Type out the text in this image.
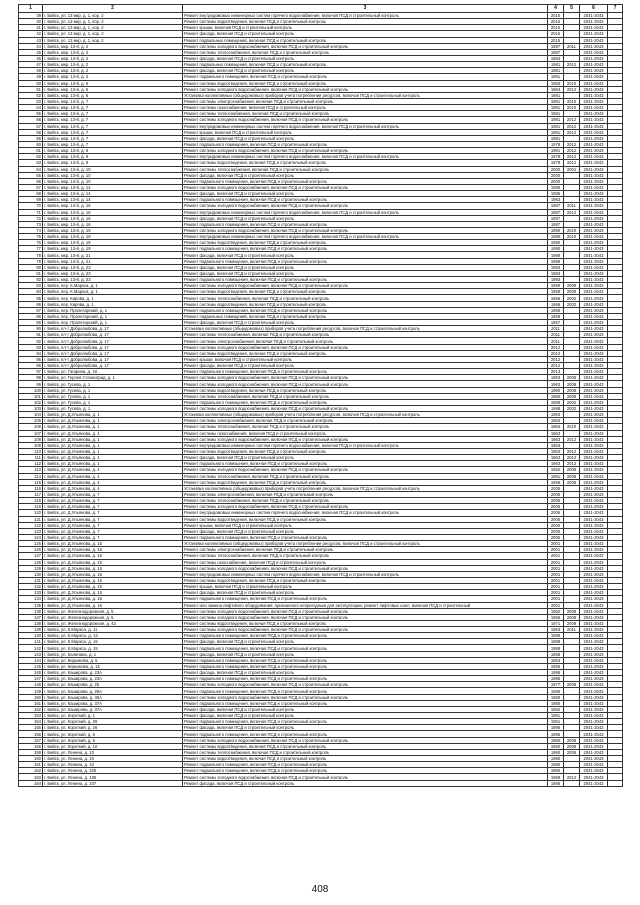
1	2	3	4	5	6	7
39	г. Бийск, ул. 13 мкр, д. 1, кор. 2	Ремонт внутридомовых инженерных систем горячего водоснабжения, включая ПСД и строительный контроль	2015		2041-2043	
40	г. Бийск, ул. 13 мкр, д. 1, кор. 2	Ремонт системы водоотведения, включая ПСД и строительный контроль	2015		2041-2043	
41	г. Бийск, ул. 13 мкр, д. 1, кор. 2	Ремонт крыши, включая ПСД и строительный контроль	2015		2041-2043	
42	г. Бийск, ул. 13 мкр, д. 1, кор. 2	Ремонт фасада, включая ПСД и строительный контроль	2015		2041-2043	
43	г. Бийск, ул. 13 мкр, д. 1, кор. 2	Ремонт подвальных помещений, включая ПСД и строительный контроль	2015		2041-2043	
44	г. Бийск, мкр. 13-й, д. 2	Ремонт системы холодного водоснабжения, включая ПСД и строительный контроль	1987	2011	2041-2043	
45	г. Бийск, мкр. 13-й, д. 2	Ремонт системы теплоснабжения, включая ПСД и строительный контроль	1987		2041-2043	
46	г. Бийск, мкр. 13-й, д. 2	Ремонт фасада, включая ПСД и строительный контроль	1984		2041-2043	
47	г. Бийск, мкр. 13-й, д. 2	Ремонт подвальных помещений, включая ПСД и строительный контроль	1981	2012	2041-2043	
48	г. Бийск, мкр. 13-й, д. 2	Ремонт фасада, включая ПСД и строительный контроль	1981		2041-2043	
49	г. Бийск, мкр. 13-й, д. 2	Ремонт подвального помещения, включая ПСД и строительный контроль	1981		2041-2043	
50	г. Бийск, мкр. 13-й, д. 6	Ремонт системы водоотведения, включая ПСД и строительный контроль	1983	2010	2041-2043	
51	г. Бийск, мкр. 13-й, д. 6	Ремонт системы холодного водоснабжения, включая ПСД и строительный контроль	1984	2012	2041-2043	
52	г. Бийск, мкр. 13-й, д. 6	Установка коллективных (общедомовых) приборов учета потребления ресурсов, включая ПСД и строительный контроль	1981		2041-2043	
53	г. Бийск, мкр. 13-й, д. 7	Ремонт системы электроснабжения, включая ПСД и строительный контроль	1981	2010	2041-2043	
54	г. Бийск, мкр. 13-й, д. 7	Ремонт системы газоснабжения, включая ПСД и строительный контроль	1981	2010	2041-2043	
55	г. Бийск, мкр. 13-й, д. 7	Ремонт системы теплоснабжения, включая ПСД и строительный контроль	1981		2041-2043	
56	г. Бийск, мкр. 13-й, д. 7	Ремонт системы холодного водоснабжения, включая ПСД и строительный контроль	1981	2012	2041-2043	
57	г. Бийск, мкр. 13-й, д. 7	Ремонт внутридомовых инженерных систем горячего водоснабжения, включая ПСД и строительный контроль	1981	2012	2041-2043	
58	г. Бийск, мкр. 13-й, д. 7	Ремонт крыши, включая ПСД и строительный контроль	1981	2012	2041-2043	
59	г. Бийск, мкр. 13-й, д. 7	Ремонт фасада, включая ПСД и строительный контроль	1981		2041-2043	
60	г. Бийск, мкр. 13-й, д. 7	Ремонт подвального помещения, включая ПСД и строительный контроль	1978	2012	2041-2043	
61	г. Бийск, мкр. 13-й, д. 8	Ремонт системы холодного водоснабжения, включая ПСД и строительный контроль	1981	2012	2041-2043	
62	г. Бийск, мкр. 13-й, д. 8	Ремонт внутридомовых инженерных систем горячего водоснабжения, включая ПСД и строительный контроль	1978	2012	2041-2043	
63	г. Бийск, мкр. 13-й, д. 8	Ремонт системы водоотведения, включая ПСД и строительный контроль	1978	2012	2041-2043	
64	г. Бийск, мкр. 13-й, д. 10	Ремонт системы теплоснабжения, включая ПСД и строительный контроль	2000	2001	2041-2043	
65	г. Бийск, мкр. 13-й, д. 10	Ремонт фасада, включая ПСД и строительный контроль	2000		2041-2043	
66	г. Бийск, мкр. 13-й, д. 10	Ремонт подвального помещения, включая ПСД и строительный контроль	2000		2041-2043	
67	г. Бийск, мкр. 13-й, д. 14	Ремонт системы холодного водоснабжения, включая ПСД и строительный контроль	1985		2041-2043	
68	г. Бийск, мкр. 13-й, д. 14	Ремонт фасада, включая ПСД и строительный контроль	1985		2041-2043	
69	г. Бийск, мкр. 13-й, д. 14	Ремонт подвального помещения, включая ПСД и строительный контроль	1983		2041-2043	
70	г. Бийск, мкр. 13-й, д. 16	Ремонт системы холодного водоснабжения, включая ПСД и строительный контроль	1987	2011	2041-2043	
71	г. Бийск, мкр. 13-й, д. 16	Ремонт внутридомовых инженерных систем горячего водоснабжения, включая ПСД и строительный контроль	1987	2012	2041-2043	
72	г. Бийск, мкр. 13-й, д. 16	Ремонт фасада, включая ПСД и строительный контроль	1987		2041-2043	
73	г. Бийск, мкр. 13-й, д. 16	Ремонт подвального помещения, включая ПСД и строительный контроль	1987		2041-2043	
74	г. Бийск, мкр. 13-й, д. 19	Ремонт системы холодного водоснабжения, включая ПСД и строительный контроль	1990	2010	2041-2043	
75	г. Бийск, мкр. 13-й, д. 19	Ремонт внутридомовых инженерных систем горячего водоснабжения, включая ПСД и строительный контроль	1990	2010	2041-2043	
76	г. Бийск, мкр. 13-й, д. 19	Ремонт системы водоотведения, включая ПСД и строительный контроль	1990		2041-2043	
77	г. Бийск, мкр. 13-й, д. 19	Ремонт подвального помещения, включая ПСД и строительный контроль	1990		2041-2043	
78	г. Бийск, мкр. 13-й, д. 21	Ремонт фасада, включая ПСД и строительный контроль	1989		2041-2043	
79	г. Бийск, мкр. 13-й, д. 21	Ремонт подвального помещения, включая ПСД и строительный контроль	1989		2041-2043	
80	г. Бийск, мкр. 13-й, д. 23	Ремонт фасада, включая ПСД и строительный контроль	1993		2041-2043	
81	г. Бийск, мкр. 13-й, д. 23	Ремонт фасада, включая ПСД и строительный контроль	1993		2041-2043	
82	г. Бийск, мкр. 13-й, д. 23	Ремонт подвального помещения, включая ПСД и строительный контроль	1993		2041-2043	
83	г. Бийск, пер. К.Маркса, д. 1	Ремонт системы холодного водоснабжения, включая ПСД и строительный контроль	1959	2009	2041-2043	
84	г. Бийск, пер. К.Маркса, д. 1	Ремонт системы водоотведения, включая ПСД и строительный контроль	1959	2009	2041-2043	
85	г. Бийск, пер. Кирова, д. 1	Ремонт системы теплоснабжения, включая ПСД и строительный контроль	1966	2002	2041-2043	
86	г. Бийск, пер. Кирова, д. 1	Ремонт системы водоотведения, включая ПСД и строительный контроль	1966	2002	2041-2043	
87	г. Бийск, пер. Пролетарский, д. 1	Ремонт подвального помещения, включая ПСД и строительный контроль	1959		2041-2043	
88	г. Бийск, пер. Пролетарский, д. 1	Ремонт подвальных помещений, включая ПСД и строительный контроль	1959		2041-2043	
89	г. Бийск, пер. Пролетарский, д. 1	Ремонт фасада, включая ПСД и строительный контроль	1957		2041-2043	
90	г. Бийск, пл-т Добролюбова, д. 17	Установка коллективных (общедомовых) приборов учета потребления ресурсов, включая ПСД и строительный контроль	2011		2041-2043	
91	г. Бийск, пл-т Добролюбова, д. 17	Ремонт системы теплоснабжения, включая ПСД и строительный контроль	2011		2041-2043	
92	г. Бийск, пл-т Добролюбова, д. 17	Ремонт системы электроснабжения, включая ПСД и строительный контроль	2011		2041-2043	
93	г. Бийск, пл-т Добролюбова, д. 17	Ремонт системы холодного водоснабжения, включая ПСД и строительный контроль	2012		2041-2043	
94	г. Бийск, пл-т Добролюбова, д. 17	Ремонт системы водоотведения, включая ПСД и строительный контроль	2012		2041-2043	
95	г. Бийск, пл-т Добролюбова, д. 17	Ремонт крыши, включая ПСД и строительный контроль	2012		2041-2043	
96	г. Бийск, пл-т Добролюбова, д. 17	Ремонт фасада, включая ПСД и строительный контроль	2012		2041-2043	
97	г. Бийск, ул. Гагарина, д. 18	Ремонт подвального помещения, включая ПСД и строительный контроль	2013		2041-2043	
98	г. Бийск, ул. Героев Сталинград, д. 1	Ремонт системы холодного водоснабжения, включая ПСД и строительный контроль	1963	2008	2041-2043	
99	г. Бийск, ул. Гусева, д. 1	Ремонт системы холодного водоснабжения, включая ПСД и строительный контроль	1963	2008	2041-2043	
100	г. Бийск, ул. Гусева, д. 1	Ремонт системы водоотведения, включая ПСД и строительный контроль	1960	2008	2041-2043	
101	г. Бийск, ул. Гусева, д. 1	Ремонт системы теплоснабжения, включая ПСД и строительный контроль	1960	2009	2041-2043	
102	г. Бийск, ул. Гусева, д. 1	Ремонт подвального помещения, включая ПСД и строительный контроль	1988	2002	2041-2043	
103	г. Бийск, ул. Гусева, д. 1	Ремонт системы холодного водоснабжения, включая ПСД и строительный контроль	1988	2002	2041-2043	
104	г. Бийск, ул. Д.Ульянова, д. 1	Установка коллективных (общедомовых) приборов учета потребления ресурсов, включая ПСД и строительный контроль	1963		2041-2043	
105	г. Бийск, ул. Д.Ульянова, д. 1	Ремонт системы электроснабжения, включая ПСД и строительный контроль	1963		2041-2043	
106	г. Бийск, ул. Д.Ульянова, д. 1	Ремонт системы теплоснабжения, включая ПСД и строительный контроль	1963	2010	2041-2043	
107	г. Бийск, ул. Д.Ульянова, д. 1	Ремонт системы газоснабжения, включая ПСД и строительный контроль	1963		2041-2043	
108	г. Бийск, ул. Д.Ульянова, д. 1	Ремонт системы холодного водоснабжения, включая ПСД и строительный контроль	1963	2012	2041-2043	
109	г. Бийск, ул. Д.Ульянова, д. 1	Ремонт внутридомовых инженерных систем горячего водоснабжения, включая ПСД и строительный контроль	1963		2041-2043	
110	г. Бийск, ул. Д.Ульянова, д. 1	Ремонт системы водоотведения, включая ПСД и строительный контроль	1963	2012	2041-2043	
111	г. Бийск, ул. Д.Ульянова, д. 1	Ремонт фасада, включая ПСД и строительный контроль	1963	2012	2041-2043	
112	г. Бийск, ул. Д.Ульянова, д. 1	Ремонт подвального помещения, включая ПСД и строительный контроль	1963	2013	2041-2043	
113	г. Бийск, ул. Д.Ульянова, д. 4	Ремонт системы холодного водоснабжения, включая ПСД и строительный контроль	1962	2008	2041-2043	
114	г. Бийск, ул. Д.Ульянова, д. 4	Ремонт системы теплоснабжения, включая ПСД и строительный контроль	1961	2008	2041-2043	
115	г. Бийск, ул. Д.Ульянова, д. 4	Ремонт системы водоотведения, включая ПСД и строительный контроль	1956	2008	2041-2043	
116	г. Бийск, ул. Д.Ульянова, д. 4	Установка коллективных (общедомовых) приборов учета потребления ресурсов, включая ПСД и строительный контроль	2005		2041-2043	
117	г. Бийск, ул. Д.Ульянова, д. 7	Ремонт системы электроснабжения, включая ПСД и строительный контроль	2005		2041-2043	
118	г. Бийск, ул. Д.Ульянова, д. 7	Ремонт системы теплоснабжения, включая ПСД и строительный контроль	2005		2041-2043	
119	г. Бийск, ул. Д.Ульянова, д. 7	Ремонт системы холодного водоснабжения, включая ПСД и строительный контроль	2005		2041-2043	
120	г. Бийск, ул. Д.Ульянова, д. 7	Ремонт внутридомовых инженерных систем горячего водоснабжения, включая ПСД и строительный контроль	2005		2041-2043	
121	г. Бийск, ул. Д.Ульянова, д. 7	Ремонт системы водоотведения, включая ПСД и строительный контроль	2005		2041-2043	
122	г. Бийск, ул. Д.Ульянова, д. 7	Ремонт крыши, включая ПСД и строительный контроль	2005		2041-2043	
123	г. Бийск, ул. Д.Ульянова, д. 7	Ремонт фасада, включая ПСД и строительный контроль	2005		2041-2043	
124	г. Бийск, ул. Д.Ульянова, д. 7	Ремонт подвального помещения, включая ПСД и строительный контроль	2005		2041-2043	
125	г. Бийск, ул. Д.Ульянова, д. 15	Установка коллективных (общедомовых) приборов учета потребления ресурсов, включая ПСД и строительный контроль	2001		2041-2043	
126	г. Бийск, ул. Д.Ульянова, д. 15	Ремонт системы электроснабжения, включая ПСД и строительный контроль	2001		2041-2043	
127	г. Бийск, ул. Д.Ульянова, д. 15	Ремонт системы теплоснабжения, включая ПСД и строительный контроль	2001		2041-2043	
128	г. Бийск, ул. Д.Ульянова, д. 15	Ремонт системы газоснабжения, включая ПСД и строительный контроль	2001		2041-2043	
129	г. Бийск, ул. Д.Ульянова, д. 15	Ремонт системы холодного водоснабжения, включая ПСД и строительный контроль	2001		2041-2043	
130	г. Бийск, ул. Д.Ульянова, д. 15	Ремонт внутридомовых инженерных систем горячего водоснабжения, включая ПСД и строительный контроль	2001		2041-2043	
131	г. Бийск, ул. Д.Ульянова, д. 15	Ремонт системы водоотведения, включая ПСД и строительный контроль	2001		2041-2043	
132	г. Бийск, ул. Д.Ульянова, д. 15	Ремонт крыши, включая ПСД и строительный контроль	2001		2041-2043	
133	г. Бийск, ул. Д.Ульянова, д. 15	Ремонт фасада, включая ПСД и строительный контроль	2001		2041-2043	
134	г. Бийск, ул. Д.Ульянова, д. 15	Ремонт подвального помещения, включая ПСД и строительный контроль	2001		2041-2043	
135	г. Бийск, ул. Д.Ульянова, д. 16	Ремонт или замена лифтового оборудования, признанного непригодным для эксплуатации, ремонт лифтовых шахт, включая ПСД и строительный	2001		2041-2043	
136	г. Бийск, ул. Железнодорожная, д. 5	Ремонт системы холодного водоснабжения, включая ПСД и строительный контроль	1962	2008	2041-2043	
137	г. Бийск, ул. Железнодорожная, д. 5	Ремонт системы холодного водоснабжения, включая ПСД и строительный контроль	1966	2008	2041-2043	
138	г. Бийск, ул. Железнодорожная, д. 42	Ремонт системы водоотведения, включая ПСД и строительный контроль	1971	2009	2041-2043	
139	г. Бийск, ул. К.Маркса, д. 11	Ремонт системы холодного водоснабжения, включая ПСД и строительный контроль	1963	2011	2041-2043	
140	г. Бийск, ул. К.Маркса, д. 13	Ремонт подвального помещения, включая ПСД и строительный контроль	1988		2041-2043	
141	г. Бийск, ул. К.Маркса, д. 15	Ремонт фасада, включая ПСД и строительный контроль	1988		2041-2043	
142	г. Бийск, ул. К.Маркса, д. 15	Ремонт подвального помещения, включая ПСД и строительный контроль	1988		2041-2043	
143	г. Бийск, ул. Калинина, д. 1	Ремонт фасада, включая ПСД и строительный контроль	1958		2041-2043	
144	г. Бийск, ул. Кирьякова, д. 5	Ремонт подвального помещения, включая ПСД и строительный контроль	1953		2041-2043	
145	г. Бийск, ул. Кирьякова, д. 15	Ремонт подвального помещения, включая ПСД и строительный контроль	1955		2041-2043	
146	г. Бийск, ул. Каширова, д. 23А	Ремонт фасада, включая ПСД и строительный контроль	1986		2041-2043	
147	г. Бийск, ул. Каширова, д. 23А	Ремонт подвального помещения, включая ПСД и строительный контроль	1986		2041-2043	
148	г. Бийск, ул. Каширова, д. 25	Ремонт системы холодного водоснабжения, включая ПСД и строительный контроль	1977	2008	2041-2043	
149	г. Бийск, ул. Каширова, д. 25А	Ремонт подвального помещения, включая ПСД и строительный контроль	1986		2041-2043	
150	г. Бийск, ул. Каширова, д. 35А	Ремонт системы холодного водоснабжения, включая ПСД и строительный контроль	1980		2041-2043	
151	г. Бийск, ул. Каширова, д. 37А	Ремонт подвального помещения, включая ПСД и строительный контроль	1980		2041-2043	
152	г. Бийск, ул. Каширова, д. 37А	Ремонт фасада, включая ПСД и строительный контроль	1982		2041-2043	
153	г. Бийск, ул. Короткий, д. 1	Ремонт фасада, включая ПСД и строительный контроль	1981		2041-2043	
154	г. Бийск, ул. Короткий, д. 26	Ремонт подвального помещения, включая ПСД и строительный контроль	1981		2041-2043	
155	г. Бийск, ул. Короткий, д. 26	Ремонт фасада, включая ПСД и строительный контроль	1986		2041-2043	
156	г. Бийск, ул. Короткий, д. 6	Ремонт подвального помещения, включая ПСД и строительный контроль	1986		2041-2043	
157	г. Бийск, ул. Короткий, д. 6	Ремонт системы холодного водоснабжения, включая ПСД и строительный контроль	1960	2008	2041-2043	
158	г. Бийск, ул. Короткий, д. 10	Ремонт системы водоотведения, включая ПСД и строительный контроль	1960	2008	2041-2043	
159	г. Бийск, ул. Ленина, д. 10	Ремонт системы теплоснабжения, включая ПСД и строительный контроль	1960	2006	2041-2043	
160	г. Бийск, ул. Ленина, д. 10	Ремонт системы водоотведения, включая ПСД и строительный контроль	1980		2041-2043	
161	г. Бийск, ул. Ленина, д. 10	Ремонт подвального помещения, включая ПСД и строительный контроль	1980		2041-2043	
162	г. Бийск, ул. Ленина, д. 105	Ремонт подвального помещения, включая ПСД и строительный контроль	1960		2041-2043	
163	г. Бийск, ул. Ленина, д. 105	Ремонт системы холодного водоснабжения, включая ПСД и строительный контроль	1959	2012	2041-2043	
164	г. Бийск, ул. Ленина, д. 107	Ремонт фасада, включая ПСД и строительный контроль	1986		2041-2043	
408
